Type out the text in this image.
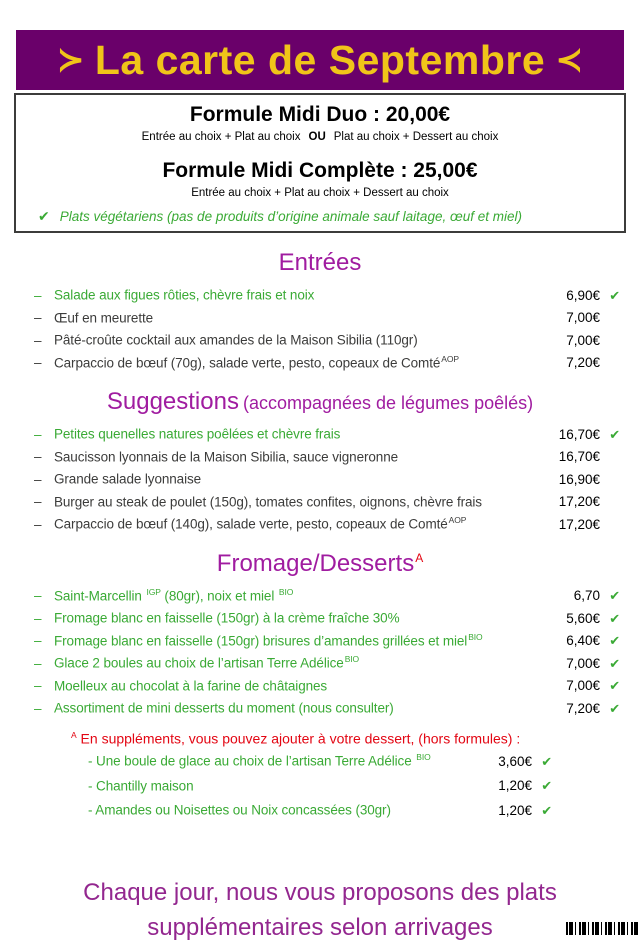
≻ La carte de Septembre ≺
Formule Midi Duo : 20,00€
Entrée au choix + Plat au choix OU Plat au choix + Dessert au choix
Formule Midi Complète : 25,00€
Entrée au choix + Plat au choix + Dessert au choix
✔ Plats végétariens (pas de produits d’origine animale sauf laitage, œuf et miel)
Entrées
– Salade aux figues rôties, chèvre frais et noix	6,90€ ✔
– Œuf en meurette	7,00€
– Pâté-croûte cocktail aux amandes de la Maison Sibilia (110gr)	7,00€
– Carpaccio de bœuf (70g), salade verte, pesto, copeaux de Comté$^{AOP}$	7,20€
Suggestions (accompagnées de légumes poêlés)
– Petites quenelles natures poêlées et chèvre frais	16,70€ ✔
– Saucisson lyonnais de la Maison Sibilia, sauce vigneronne	16,70€
– Grande salade lyonnaise	16,90€
– Burger au steak de poulet (150g), tomates confites, oignons, chèvre frais	17,20€
– Carpaccio de bœuf (140g), salade verte, pesto, copeaux de Comté$^{AOP}$	17,20€
Fromage/Desserts$^A$
– Saint-Marcellin $^{IGP}$ (80gr), noix et miel $^{BIO}$	6,70 ✔
– Fromage blanc en faisselle (150gr) à la crème fraîche 30%	5,60€ ✔
– Fromage blanc en faisselle (150gr) brisures d’amandes grillées et miel$^{BIO}$	6,40€ ✔
– Glace 2 boules au choix de l’artisan Terre Adélice$^{BIO}$	7,00€ ✔
– Moelleux au chocolat à la farine de châtaignes	7,00€ ✔
– Assortiment de mini desserts du moment (nous consulter)	7,20€ ✔
$^A$ En suppléments, vous pouvez ajouter à votre dessert, (hors formules) :
- Une boule de glace au choix de l’artisan Terre Adélice $^{BIO}$	3,60€ ✔
- Chantilly maison	1,20€ ✔
- Amandes ou Noisettes ou Noix concassées (30gr)	1,20€ ✔
Chaque jour, nous vous proposons des plats
supplémentaires selon arrivages
